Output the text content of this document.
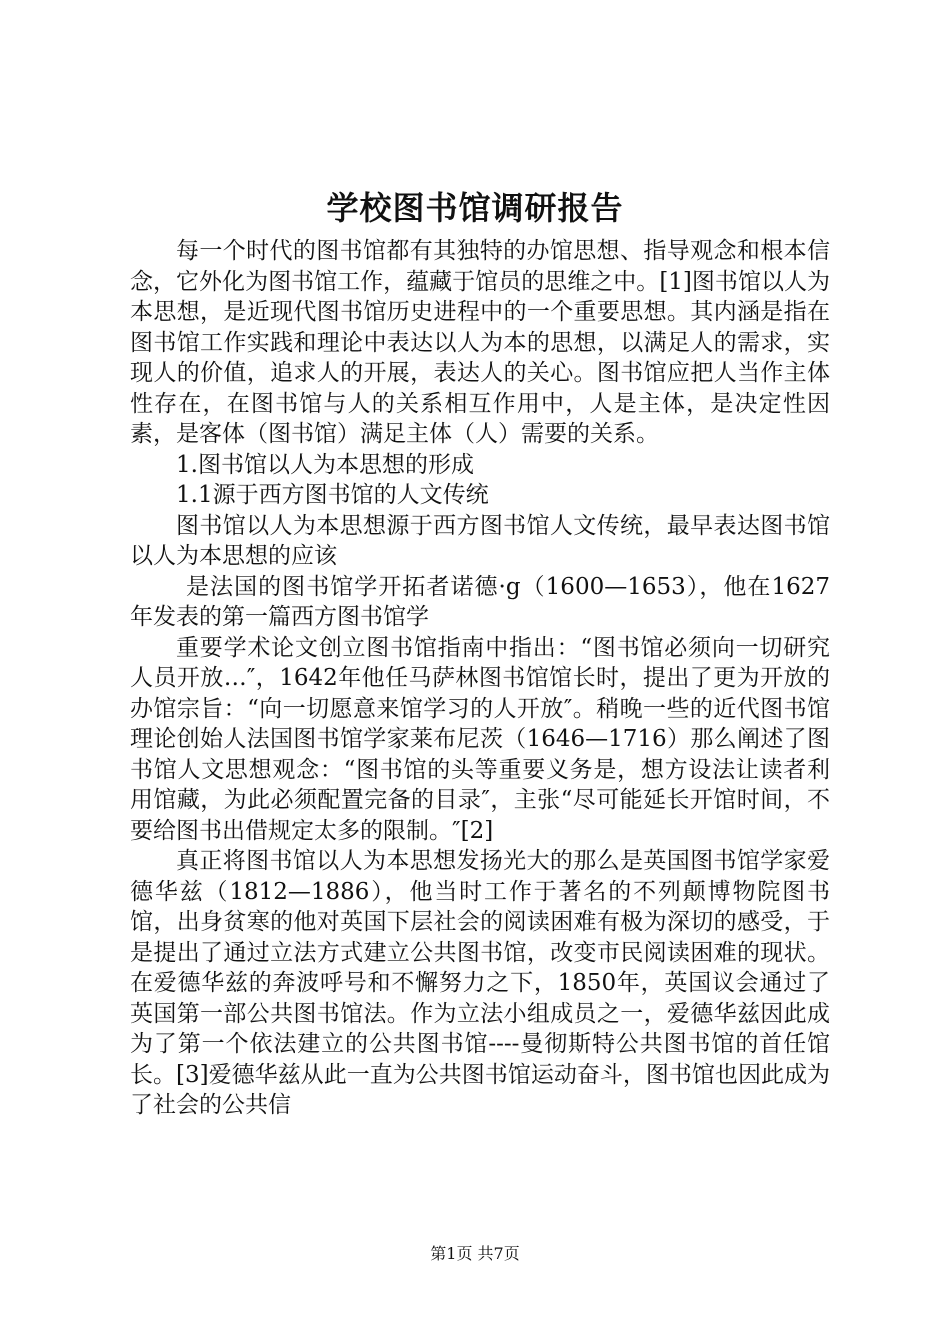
学校图书馆调研报告

每一个时代的图书馆都有其独特的办馆思想、指导观念和根本信念，它外化为图书馆工作，蕴藏于馆员的思维之中。[1]图书馆以人为本思想，是近现代图书馆历史进程中的一个重要思想。其内涵是指在图书馆工作实践和理论中表达以人为本的思想，以满足人的需求，实现人的价值，追求人的开展，表达人的关心。图书馆应把人当作主体性存在，在图书馆与人的关系相互作用中，人是主体，是决定性因素，是客体（图书馆）满足主体（人）需要的关系。

1.图书馆以人为本思想的形成

1.1源于西方图书馆的人文传统

图书馆以人为本思想源于西方图书馆人文传统，最早表达图书馆以人为本思想的应该

是法国的图书馆学开拓者诺德·g（1600—1653），他在1627年发表的第一篇西方图书馆学

重要学术论文创立图书馆指南中指出：“图书馆必须向一切研究人员开放…″，1642年他任马萨林图书馆馆长时，提出了更为开放的办馆宗旨：“向一切愿意来馆学习的人开放″。稍晚一些的近代图书馆理论创始人法国图书馆学家莱布尼茨（1646—1716）那么阐述了图书馆人文思想观念：“图书馆的头等重要义务是，想方设法让读者利用馆藏，为此必须配置完备的目录″，主张“尽可能延长开馆时间，不要给图书出借规定太多的限制。″[2]

真正将图书馆以人为本思想发扬光大的那么是英国图书馆学家爱德华兹（1812—1886），他当时工作于著名的不列颠博物院图书馆，出身贫寒的他对英国下层社会的阅读困难有极为深切的感受，于是提出了通过立法方式建立公共图书馆，改变市民阅读困难的现状。在爱德华兹的奔波呼号和不懈努力之下，1850年，英国议会通过了英国第一部公共图书馆法。作为立法小组成员之一，爱德华兹因此成为了第一个依法建立的公共图书馆----曼彻斯特公共图书馆的首任馆长。[3]爱德华兹从此一直为公共图书馆运动奋斗，图书馆也因此成为了社会的公共信

第1页 共7页
